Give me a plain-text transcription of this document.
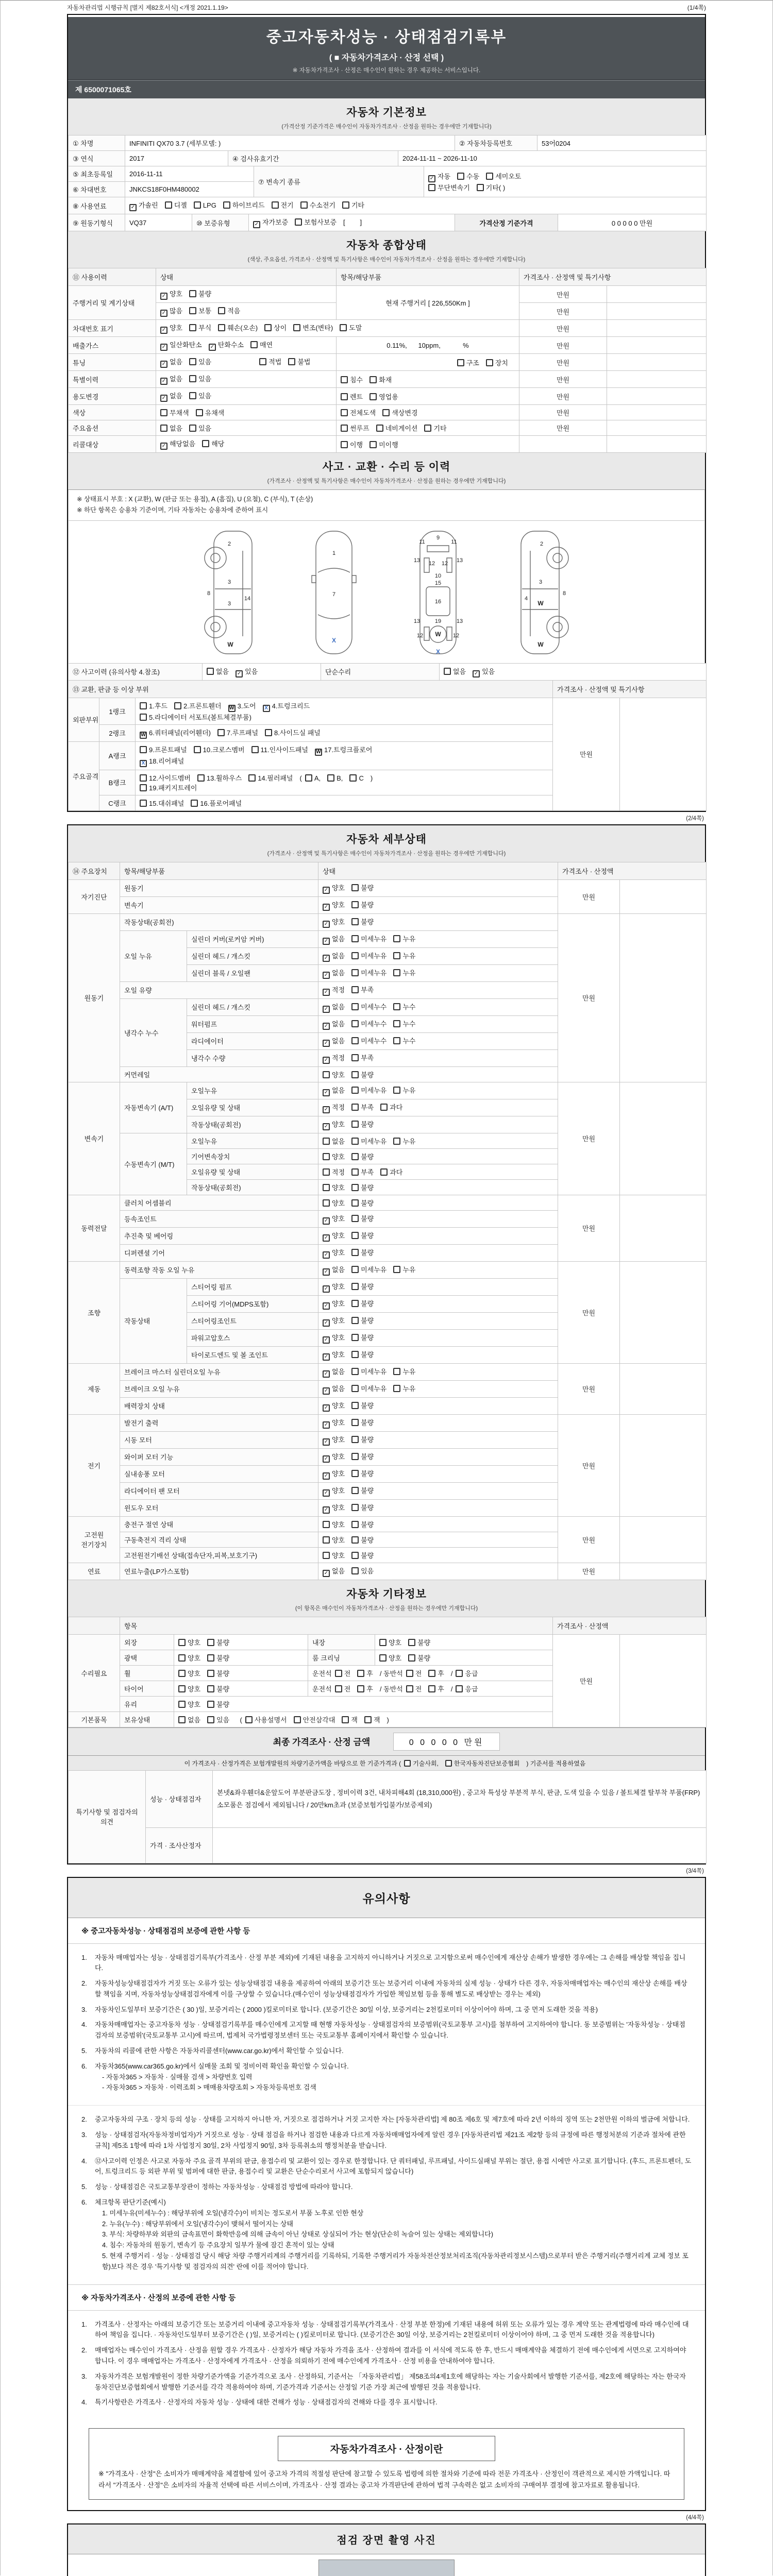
자동차관리법 시행규칙 [별지 제82호서식] <개정 2021.1.19>	(1/4쪽)
중고자동차성능 · 상태점검기록부
( ■ 자동차가격조사 · 산정 선택 )
※ 자동차가격조사 · 산정은 매수인이 원하는 경우 제공하는 서비스입니다.
제 6500071065호
자동차 기본정보
(가격산정 기준가격은 매수인이 자동차가격조사 · 산정을 원하는 경우에만 기재합니다)
① 차명	INFINITI QX70 3.7 (세부모델: )	② 자동차등록번호	53어0204
③ 연식	2017	④ 검사유효기간	2024-11-11 ~ 2026-11-10
⑤ 최초등록일	2016-11-11	⑦ 변속기 종류	✓ 자동 수동 세미오토
무단변속기 기타( )
⑥ 차대번호	JNKCS18F0HM480002		
⑧ 사용연료	✓ 가솔린 디젤 LPG 하이브리드 전기 수소전기 기타
⑨ 원동기형식	VQ37	⑩ 보증유형	✓ 자가보증 보험사보증 [        ]	가격산정 기준가격	0 0 0 0 0 만원
자동차 종합상태
(색상, 주요옵션, 가격조사 · 산정액 및 특기사항은 매수인이 자동차가격조사 · 산정을 원하는 경우에만 기재합니다)
⑪ 사용이력	상태	항목/해당부품	가격조사 · 산정액 및 특기사항	
주행거리 및 계기상태	✓ 양호 불량	현재 주행거리 [ 226,550Km ]	만원	
	✓ 많음 보통 적음		만원	
차대번호 표기	✓ 양호 부식 훼손(오손) 상이 변조(변타) 도말		만원	
배출가스	✓ 일산화탄소 ✓ 탄화수소 매연	0.11%,      10ppm,            %	만원	
튜닝	✓ 없음 있음 적법 불법	구조 장치	만원	
특별이력	✓ 없음 있음	침수 화재	만원	
용도변경	✓ 없음 있음	렌트 영업용	만원	
색상	무채색 유채색	전체도색 색상변경	만원	
주요옵션	없음 있음	썬루프 네비게이션 기타	만원	
리콜대상	✓ 해당없음 해당	이행 미이행		
사고 · 교환 · 수리 등 이력
(가격조사 · 산정액 및 특기사항은 매수인이 자동차가격조사 · 산정을 원하는 경우에만 기재합니다)
※ 상태표시 부호 : X (교환), W (판금 또는 용접), A (흠집), U (요철), C (부식), T (손상)
※ 하단 항목은 승용차 기준이며, 기타 자동차는 승용차에 준하여 표시
2
8
3
14
3
W
1
7
X
11
9
11
13 12 12 13
10
15
16
13	19	13
12 W 12
X
2
3
8
4
W
W
⑫ 사고이력 (유의사항 4.참조)	없음 ✓ 있음	단순수리	없음 ✓ 있음
⑬ 교환, 판금 등 이상 부위			가격조사 · 산정액 및 특기사항	
외판부위	1랭크	1.후드 2.프론트휀더 W 3.도어 X 4.트렁크리드
5.라디에이터 서포트(볼트체결부품)	만원	
	2랭크	W 6.쿼터패널(리어휀더) 7.루프패널 8.사이드실 패널		
주요골격	A랭크	9.프론트패널 10.크로스멤버 11.인사이드패널 W 17.트렁크플로어
X 18.리어패널		
	B랭크	12.사이드멤버 13.휠하우스 14.필러패널 ( A, B, C )
19.패키지트레이		
	C랭크	15.대쉬패널 16.플로어패널		
(2/4쪽)
자동차 세부상태
(가격조사 · 산정액 및 특기사항은 매수인이 자동차가격조사 · 산정을 원하는 경우에만 기재합니다)
⑭ 주요장치	항목/해당부품		상태	가격조사 · 산정액	
자기진단	원동기		✓ 양호 불량	만원	
	변속기		✓ 양호 불량		
원동기	작동상태(공회전)		✓ 양호 불량	만원	
	오일 누유	실린더 커버(로커암 커버)	✓ 없음 미세누유 누유		
		실린더 헤드 / 개스킷	✓ 없음 미세누유 누유		
		실린더 블록 / 오일팬	✓ 없음 미세누유 누유		
	오일 유량		✓ 적정 부족		
	냉각수 누수	실린더 헤드 / 개스킷	✓ 없음 미세누수 누수		
		워터펌프	✓ 없음 미세누수 누수		
		라디에이터	✓ 없음 미세누수 누수		
		냉각수 수량	✓ 적정 부족		
	커먼레일		양호 불량		
변속기	자동변속기 (A/T)	오일누유	✓ 없음 미세누유 누유	만원	
		오일유량 및 상태	✓ 적정 부족 과다		
		작동상태(공회전)	✓ 양호 불량		
	수동변속기 (M/T)	오일누유	없음 미세누유 누유		
		기어변속장치	양호 불량		
		오일유량 및 상태	적정 부족 과다		
		작동상태(공회전)	양호 불량		
동력전달	클러치 어셈블리		양호 불량	만원	
	등속조인트		✓ 양호 불량		
	추진축 및 베어링		✓ 양호 불량		
	디퍼렌셜 기어		✓ 양호 불량		
조향	동력조향 작동 오일 누유		✓ 없음 미세누유 누유	만원	
	작동상태	스티어링 펌프	✓ 양호 불량		
		스티어링 기어(MDPS포함)	✓ 양호 불량		
		스티어링조인트	✓ 양호 불량		
		파워고압호스	✓ 양호 불량		
		타이로드엔드 및 볼 조인트	✓ 양호 불량		
제동	브레이크 마스터 실린더오일 누유		✓ 없음 미세누유 누유	만원	
	브레이크 오일 누유		✓ 없음 미세누유 누유		
	배력장치 상태		✓ 양호 불량		
전기	발전기 출력		✓ 양호 불량	만원	
	시동 모터		✓ 양호 불량		
	와이퍼 모터 기능		✓ 양호 불량		
	실내송풍 모터		✓ 양호 불량		
	라디에이터 팬 모터		✓ 양호 불량		
	윈도우 모터		✓ 양호 불량		
고전원 전기장치	충전구 절연 상태		양호 불량	만원	
	구동축전지 격리 상태		양호 불량		
	고전원전기배선 상태(접속단자,피복,보호기구)		양호 불량		
연료	연료누출(LP가스포함)		✓ 없음 있음	만원	
자동차 기타정보
(이 항목은 매수인이 자동차가격조사 · 산정을 원하는 경우에만 기재합니다)
	항목				가격조사 · 산정액	
수리필요	외장	양호 불량	내장	양호 불량	만원	
	광택	양호 불량	룸 크리닝	양호 불량		
	휠	양호 불량	운전석 전 후 / 동반석 전 후 / 응급			
	타이어	양호 불량	운전석 전 후 / 동반석 전 후 / 응급			
	유리	양호 불량				
기본품목	보유상태	없음 있음  ( 사용설명서 안전삼각대 잭 잭 )				
최종 가격조사 · 산정 금액	0 0 0 0 0 만원
이 가격조사 · 산정가격은 보험개발원의 차량기준가액을 바탕으로 한 기준가격과 ( 기술사회,	한국자동차진단보증협회 ) 기준서를 적용하였음
특기사항 및 점검자의 의견	성능 · 상태점검자	본넷&좌우휀더&운앞도어 부분판금도장 , 정비이력 3건, 내차피해4회 (18,310,000원) , 중고차 특성상 부분적 부식, 판금, 도색 있을 수 있음 / 볼트체결 탈부착 부품(FRP)소모품은 점검에서 제외됩니다 / 20만km초과 (보증보험가입불가/보증제외)
	가격 · 조사산정자	
(3/4쪽)
유의사항
※ 중고자동차성능 · 상태점검의 보증에 관한 사항 등
1.	자동차 매매업자는 성능 · 상태점검기록부(가격조사 · 산정 부분 제외)에 기재된 내용을 고지하지 아니하거나 거짓으로 고지함으로써 매수인에게 재산상 손해가 발생한 경우에는 그 손해를 배상할 책임을 집니다.
2.	자동차성능상태점검자가 거짓 또는 오류가 있는 성능상태점검 내용을 제공하여 아래의 보증기간 또는 보증거리 이내에 자동차의 실제 성능 · 상태가 다른 경우, 자동차매매업자는 매수인의 재산상 손해를 배상할 책임을 지며, 자동차성능상태점검자에게 이를 구상할 수 있습니다.(매수인이 성능상태점검자가 가입한 책임보험 등을 통해 별도로 배상받는 경우는 제외)
3.	자동차인도일부터 보증기간은 ( 30 )일, 보증거리는 ( 2000 )킬로미터로 합니다. (보증기간은 30일 이상, 보증거리는 2천킬로미터 이상이어야 하며, 그 중 먼저 도래한 것을 적용)
4.	자동차매매업자는 중고자동차 성능 · 상태점검기록부를 매수인에게 고지할 때 현행 자동차성능 · 상태점검자의 보증범위(국토교통부 고시)를 첨부하여 고지하여야 합니다. 동 보증범위는 '자동차성능 · 상태점검자의 보증범위'(국토교통부 고시)에 따르며, 법제처 국가법령정보센터 또는 국토교통부 홈페이지에서 확인할 수 있습니다.
5.	자동차의 리콜에 관한 사항은 자동차리콜센터(www.car.go.kr)에서 확인할 수 있습니다.
6.	자동차365(www.car365.go.kr)에서 실매물 조회 및 정비이력 확인을 확인할 수 있습니다.
- 자동차365 > 자동차 · 실매물 검색 > 차량번호 입력
- 자동차365 > 자동차 · 이력조회 > 매매용차량조회 > 자동차등록번호 검색
2.	중고자동차의 구조 · 장치 등의 성능 · 상태를 고지하지 아니한 자, 거짓으로 점검하거나 거짓 고지한 자는 [자동차관리법] 제 80조 제6호 및 제7호에 따라 2년 이하의 징역 또는 2천만원 이하의 벌금에 처합니다.
3.	성능 · 상태점검자(자동차정비업자)가 거짓으로 성능 · 상태 점검을 하거나 점검한 내용과 다르게 자동차매매업자에게 알린 경우 [자동차관리법 제21조 제2항 등의 규정에 따른 행정처분의 기준과 절차에 관한 규칙] 제5조 1항에 따라 1차 사업정지 30일, 2차 사업정지 90일, 3차 등록취소의 행정처분을 받습니다.
4.	⑫사고이력 인정은 사고로 자동차 주요 골격 부위의 판금, 용접수리 및 교환이 있는 경우로 한정합니다. 단 쿼터패널, 루프패널, 사이드실패널 부위는 절단, 용접 시에만 사고로 표기합니다. (후드, 프론트펜더, 도어, 트렁크리드 등 외판 부위 및 범퍼에 대한 판금, 용접수리 및 교환은 단순수리로서 사고에 포함되지 않습니다)
5.	성능 · 상태점검은 국토교통부장관이 정하는 자동차성능 · 상태점검 방법에 따라야 합니다.
6.	체크항목 판단기준(예시)
1. 미세누유(미세누수) : 해당부위에 오일(냉각수)이 비치는 정도로서 부품 노후로 인한 현상
2. 누유(누수) : 해당부위에서 오일(냉각수)이 맺혀서 떨어지는 상태
3. 부식: 차량하부와 외판의 금속표면이 화학반응에 의해 금속이 아닌 상태로 상실되어 가는 현상(단순히 녹슬어 있는 상태는 제외합니다)
4. 침수: 자동차의 원동기, 변속기 등 주요장치 일부가 물에 잠긴 흔적이 있는 상태
5. 현재 주행거리 · 성능 · 상태점검 당시 해당 차량 주행거리계의 주행거리를 기록하되, 기록한 주행거리가 자동차전산정보처리조직(자동차관리정보시스템)으로부터 받은 주행거리(주행거리계 교체 정보 포함)보다 적은 경우 '특기사항 및 점검자의 의견' 란에 이를 적어야 합니다.
※ 자동차가격조사 · 산정의 보증에 관한 사항 등
1.	가격조사 · 산정자는 아래의 보증기간 또는 보증거리 이내에 중고자동차 성능 · 상태점검기록부(가격조사 · 산정 부분 한정)에 기재된 내용에 허위 또는 오류가 있는 경우 계약 또는 관계법령에 따라 매수인에 대하여 책임을 집니다. · 자동차인도일부터 보증기간은 ( )일, 보증거리는 ( )킬로미터로 합니다. (보증기간은 30일 이상, 보증거리는 2천킬로미터 이상이어야 하며, 그 중 먼저 도래한 것을 적용합니다)
2.	매매업자는 매수인이 가격조사 · 산정을 원할 경우 가격조사 · 산정자가 해당 자동차 가격을 조사 · 산정하여 결과를 이 서식에 적도록 한 후, 반드시 매매계약을 체결하기 전에 매수인에게 서면으로 고지하여야 합니다. 이 경우 매매업자는 가격조사 · 산정자에게 가격조사 · 산정을 의뢰하기 전에 매수인에게 가격조사 · 산정 비용을 안내하여야 합니다.
3.	자동차가격은 보험개발원이 정한 차량기준가액을 기준가격으로 조사 · 산정하되, 기준서는 「자동차관리법」 제58조의4제1호에 해당하는 자는 기술사회에서 발행한 기준서를, 제2호에 해당하는 자는 한국자동차진단보증협회에서 발행한 기준서를 각각 적용하여야 하며, 기준가격과 기준서는 산정일 기준 가장 최근에 발행된 것을 적용합니다.
4.	특기사항란은 가격조사 · 산정자의 자동차 성능 · 상태에 대한 견해가 성능 · 상태점검자의 견해와 다를 경우 표시합니다.
자동차가격조사 · 산정이란
※ "가격조사 · 산정"은 소비자가 매매계약을 체결함에 있어 중고차 가격의 적절성 판단에 참고할 수 있도록 법령에 의한 절차와 기준에 따라 전문 가격조사 · 산정인이 객관적으로 제시한 가액입니다. 따라서 "가격조사 · 산정"은 소비자의 자율적 선택에 따른 서비스이며, 가격조사 · 산정 결과는 중고차 가격판단에 관하여 법적 구속력은 없고 소비자의 구매여부 결정에 참고자료로 활용됩니다.
(4/4쪽)
점검 장면 촬영 사진
